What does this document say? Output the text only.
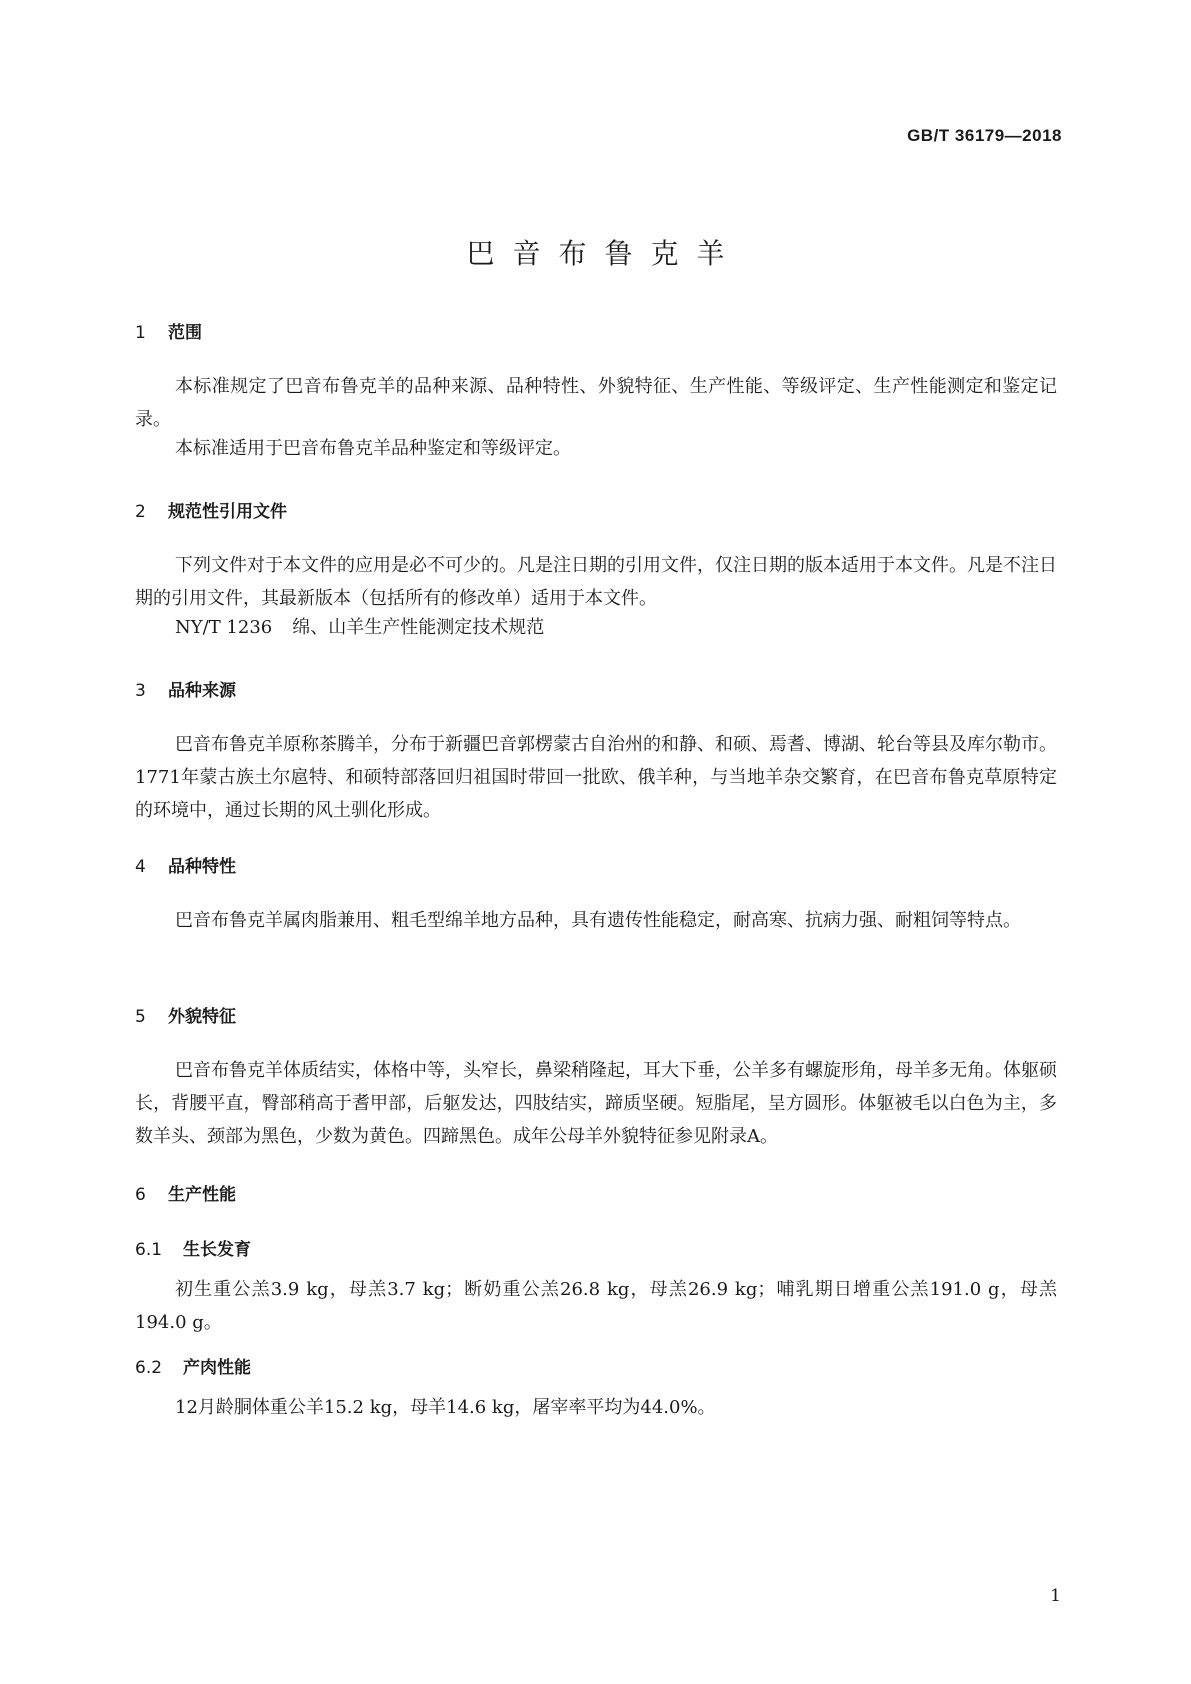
GB/T 36179—2018
巴音布鲁克羊
1 范围
本标准规定了巴音布鲁克羊的品种来源、品种特性、外貌特征、生产性能、等级评定、生产性能测定和鉴定记录。
本标准适用于巴音布鲁克羊品种鉴定和等级评定。
2 规范性引用文件
下列文件对于本文件的应用是必不可少的。凡是注日期的引用文件，仅注日期的版本适用于本文件。凡是不注日期的引用文件，其最新版本（包括所有的修改单）适用于本文件。
NY/T 1236 绵、山羊生产性能测定技术规范
3 品种来源
巴音布鲁克羊原称茶腾羊，分布于新疆巴音郭楞蒙古自治州的和静、和硕、焉耆、博湖、轮台等县及库尔勒市。1771年蒙古族土尔扈特、和硕特部落回归祖国时带回一批欧、俄羊种，与当地羊杂交繁育，在巴音布鲁克草原特定的环境中，通过长期的风土驯化形成。
4 品种特性
巴音布鲁克羊属肉脂兼用、粗毛型绵羊地方品种，具有遗传性能稳定，耐高寒、抗病力强、耐粗饲等特点。
5 外貌特征
巴音布鲁克羊体质结实，体格中等，头窄长，鼻梁稍隆起，耳大下垂，公羊多有螺旋形角，母羊多无角。体躯硕长，背腰平直，臀部稍高于耆甲部，后躯发达，四肢结实，蹄质坚硬。短脂尾，呈方圆形。体躯被毛以白色为主，多数羊头、颈部为黑色，少数为黄色。四蹄黑色。成年公母羊外貌特征参见附录A。
6 生产性能
6.1 生长发育
初生重公羔3.9 kg，母羔3.7 kg；断奶重公羔26.8 kg，母羔26.9 kg；哺乳期日增重公羔191.0 g，母羔194.0 g。
6.2 产肉性能
12月龄胴体重公羊15.2 kg，母羊14.6 kg，屠宰率平均为44.0%。
1
